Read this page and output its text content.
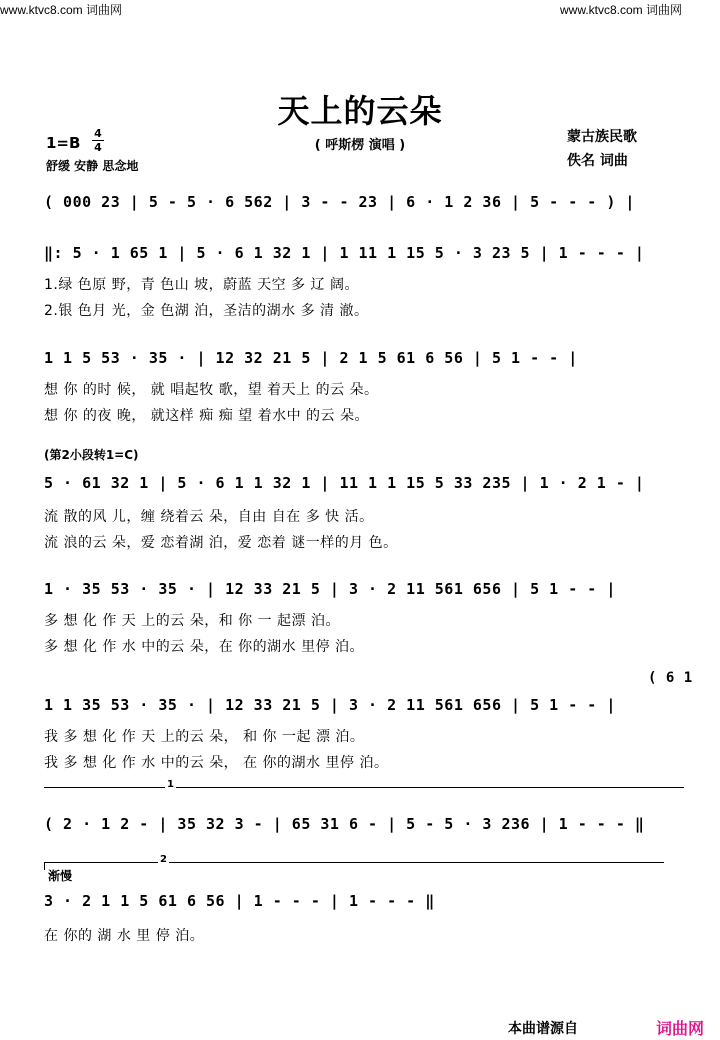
www.ktvc8.com 词曲网	www.ktvc8.com 词曲网
天上的云朵
( 呼斯楞 演唱 )
1=B
4
4
舒缓 安静 思念地
蒙古族民歌
佚名 词曲
( 000 23 | 5 - 5 · 6 562 | 3 - - 23 | 6 · 1 2 36 | 5 - - - ) |
‖: 5 · 1 65 1 | 5 · 6 1 32 1 | 1 11 1 15 5 · 3 23 5 | 1 - - - |
1.绿 色原 野，青 色山 坡，蔚蓝 天空 多 辽 阔。
2.银 色月 光，金 色湖 泊，圣洁的湖水 多 清 澈。
1 1 5 53 · 35 · | 12 32 21 5 | 2 1 5 61 6 56 | 5 1 - - |
想 你 的时 候， 就 唱起牧 歌，望 着天上 的云 朵。
想 你 的夜 晚， 就这样 痴 痴 望 着水中 的云 朵。
(第2小段转1=C)
5 · 61 32 1 | 5 · 6 1 1 32 1 | 11 1 1 15 5 33 235 | 1 · 2 1 - |
流 散的风 儿，缠 绕着云 朵，自由 自在 多 快 活。
流 浪的云 朵，爱 恋着湖 泊，爱 恋着 谜一样的月 色。
1 · 35 53 · 35 · | 12 33 21 5 | 3 · 2 11 561 656 | 5 1 - - |
多 想 化 作 天 上的云 朵，和 你 一 起漂 泊。
多 想 化 作 水 中的云 朵，在 你的湖水 里停 泊。
( 6 1
1 1 35 53 · 35 · | 12 33 21 5 | 3 · 2 11 561 656 | 5 1 - - |
我 多 想 化 作 天 上的云 朵， 和 你 一起 漂 泊。
我 多 想 化 作 水 中的云 朵， 在 你的湖水 里停 泊。
1
( 2 · 1 2 - | 35 32 3 - | 65 31 6 - | 5 - 5 · 3 236 | 1 - - - ‖
2
渐慢
3 · 2 1 1 5 61 6 56 | 1 - - - | 1 - - - ‖
在 你的 湖 水 里 停 泊。
本曲谱源自	词曲网
